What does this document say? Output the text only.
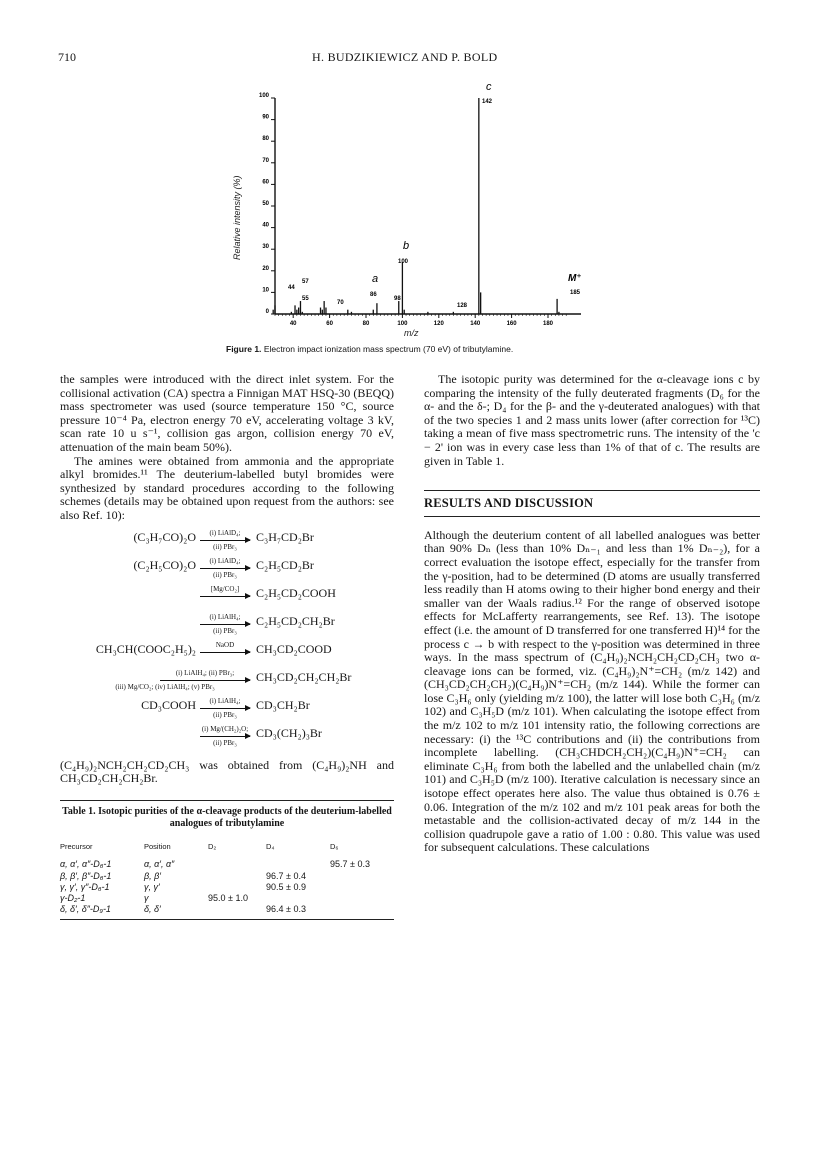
710	H. BUDZIKIEWICZ AND P. BOLD
0
10
20
30
40
50
60
70
80
90
100
40	60	80	100	120	140	160	180
Relative intensity (%)
m/z
c
142
b
100
a
86
M⁺
185
44
57
55
70
98
128
Figure 1. Electron impact ionization mass spectrum (70 eV) of tributylamine.

the samples were introduced with the direct inlet system. For the collisional activation (CA) spectra a Finnigan MAT HSQ-30 (BEQQ) mass spectrometer was used (source temperature 150 °C, source pressure 10⁻⁴ Pa, electron energy 70 eV, accelerating voltage 3 kV, scan rate 10 u s⁻¹, collision gas argon, collision energy 70 eV, attenuation of the main beam 50%).

The amines were obtained from ammonia and the appropriate alkyl bromides.¹¹ The deuterium-labelled butyl bromides were synthesized by standard procedures according to the following schemes (details may be obtained upon request from the authors: see also Ref. 10):

(C₃H₇CO)₂O	(i) LiAlD₄;
(ii) PBr₃
C₃H₇CD₂Br
(C₂H₅CO)₂O	(i) LiAlD₄;
(ii) PBr₃
C₂H₅CD₂Br
[Mg/CO₂]	C₂H₅CD₂COOH
(i) LiAlH₄;
(ii) PBr₃
C₂H₅CD₂CH₂Br
CH₃CH(COOC₂H₅)₂	NaOD	CH₃CD₂COOD
(i) LiAlH₄; (ii) PBr₃;
(iii) Mg/CO₂; (iv) LiAlH₄; (v) PBr₃
CH₃CD₂CH₂CH₂Br
CD₃COOH	(i) LiAlH₄;
(ii) PBr₃
CD₃CH₂Br
(i) Mg/(CH₂)₂O;
(ii) PBr₃
CD₃(CH₂)₃Br

(C₄H₉)₂NCH₂CH₂CD₂CH₃ was obtained from (C₄H₉)₂NH and CH₃CD₂CH₂CH₂Br.

Table 1. Isotopic purities of the α-cleavage products of the deuterium-labelled analogues of tributylamine
Precursor	Position	D₂	D₄	D₆
α, α′, α″-D₆-1	α, α′, α″			95.7 ± 0.3
β, β′, β″-D₆-1	β, β′		96.7 ± 0.4	
γ, γ′, γ″-D₆-1	γ, γ′		90.5 ± 0.9	
γ-D₂-1	γ	95.0 ± 1.0		
δ, δ′, δ″-D₉-1	δ, δ′		96.4 ± 0.3	

The isotopic purity was determined for the α-cleavage ions c by comparing the intensity of the fully deuterated fragments (D₆ for the α- and the δ-; D₄ for the β- and the γ-deuterated analogues) with that of the two species 1 and 2 mass units lower (after correction for ¹³C) taking a mean of five mass spectrometric runs. The intensity of the 'c − 2' ion was in every case less than 1% of that of c. The results are given in Table 1.

RESULTS AND DISCUSSION

Although the deuterium content of all labelled analogues was better than 90% Dₙ (less than 10% Dₙ₋₁ and less than 1% Dₙ₋₂), for a correct evaluation the isotope effect, especially for the transfer from the γ-position, had to be determined (D atoms are usually transferred less readily than H atoms owing to their higher bond energy and their smaller van der Waals radius.¹² For the range of observed isotope effects for McLafferty rearrangements, see Ref. 13). The isotope effect (i.e. the amount of D transferred for one transferred H)¹⁴ for the process c → b with respect to the γ-position was determined in three ways. In the mass spectrum of (C₄H₉)₂NCH₂CH₂CD₂CH₃ two α-cleavage ions can be formed, viz. (C₄H₉)₂N⁺=CH₂ (m/z 142) and (CH₃CD₂CH₂CH₂)(C₄H₉)N⁺=CH₂ (m/z 144). While the former can lose C₃H₆ only (yielding m/z 100), the latter will lose both C₃H₆ (m/z 102) and C₃H₅D (m/z 101). When calculating the isotope effect from the m/z 102 to m/z 101 intensity ratio, the following corrections are necessary: (i) the ¹³C contributions and (ii) the contributions from incomplete labelling. (CH₃CHDCH₂CH₂)(C₄H₉)N⁺=CH₂ can eliminate C₃H₆ from both the labelled and the unlabelled chain (m/z 101) and C₃H₅D (m/z 100). Iterative calculation is necessary since an isotope effect operates here also. The value thus obtained is 0.76 ± 0.06. Integration of the m/z 102 and m/z 101 peak areas for both the metastable and the collision-activated decay of m/z 144 in the collision quadrupole gave a ratio of 1.00 : 0.80. This value was used for subsequent calculations. These calculations
